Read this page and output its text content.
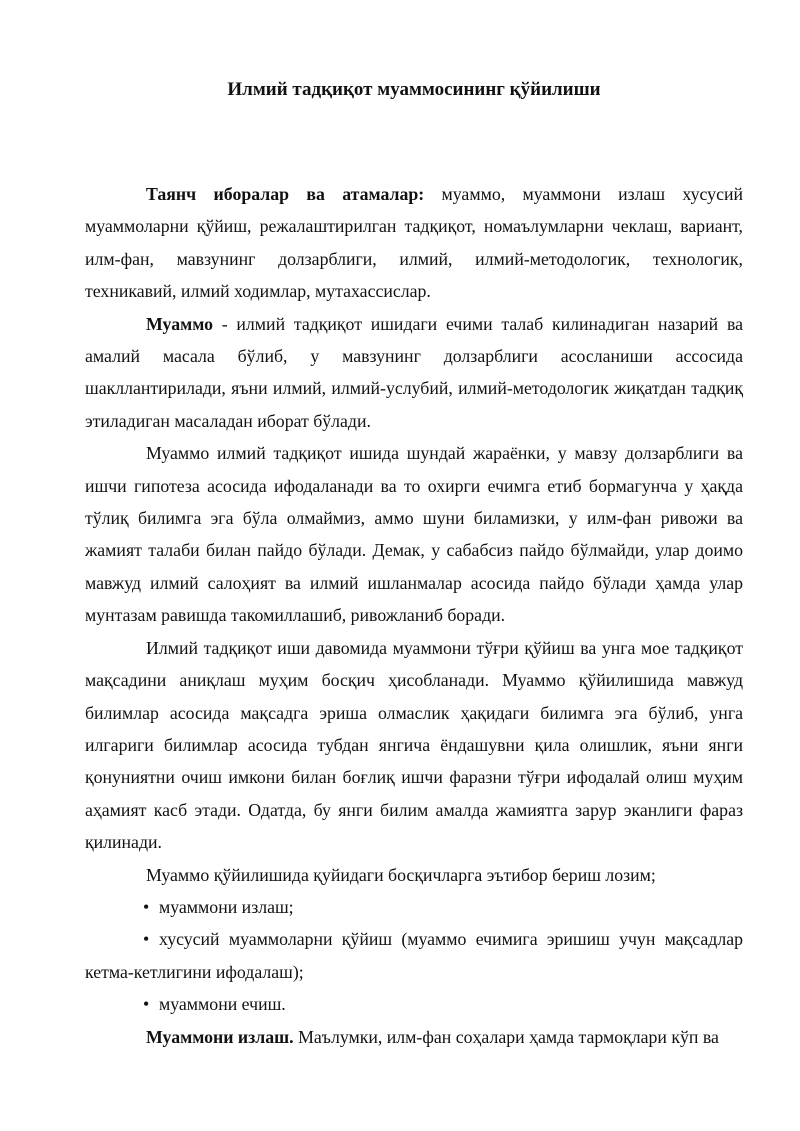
Илмий тадқиқот муаммосининг қўйилиши

Таянч иборалар ва атамалар: муаммо, муаммони излаш хусусий муаммоларни қўйиш, режалаштирилган тадқиқот, номаълумларни чеклаш, вариант, илм-фан, мавзунинг долзарблиги, илмий, илмий-методологик, технологик, техникавий, илмий ходимлар, мутахассислар.

Муаммо - илмий тадқиқот ишидаги ечими талаб килинадиган назарий ва амалий масала бўлиб, у мавзунинг долзарблиги асосланиши ассосида шакллантирилади, яъни илмий, илмий-услубий, илмий-методологик жиқатдан тадқиқ этиладиган масаладан иборат бўлади.

Муаммо илмий тадқиқот ишида шундай жараёнки, у мавзу долзарблиги ва ишчи гипотеза асосида ифодаланади ва то охирги ечимга етиб бормагунча у ҳақда тўлиқ билимга эга бўла олмаймиз, аммо шуни биламизки, у илм-фан ривожи ва жамият талаби билан пайдо бўлади. Демак, у сабабсиз пайдо бўлмайди, улар доимо мавжуд илмий салоҳият ва илмий ишланмалар асосида пайдо бўлади ҳамда улар мунтазам равишда такомиллашиб, ривожланиб боради.

Илмий тадқиқот иши давомида муаммони тўғри қўйиш ва унга мое тадқиқот мақсадини аниқлаш муҳим босқич ҳисобланади. Муаммо қўйилишида мавжуд билимлар асосида мақсадга эриша олмаслик ҳақидаги билимга эга бўлиб, унга илгариги билимлар асосида тубдан янгича ёндашувни қила олишлик, яъни янги қонуниятни очиш имкони билан боғлиқ ишчи фаразни тўғри ифодалай олиш муҳим аҳамият касб этади. Одатда, бу янги билим амалда жамиятга зарур эканлиги фараз қилинади.

Муаммо қўйилишида қуйидаги босқичларга эътибор бериш лозим;

• муаммони излаш;

• хусусий муаммоларни қўйиш (муаммо ечимига эришиш учун мақсадлар кетма-кетлигини ифодалаш);

• муаммони ечиш.

Муаммони излаш. Маълумки, илм-фан соҳалари ҳамда тармоқлари кўп ва
